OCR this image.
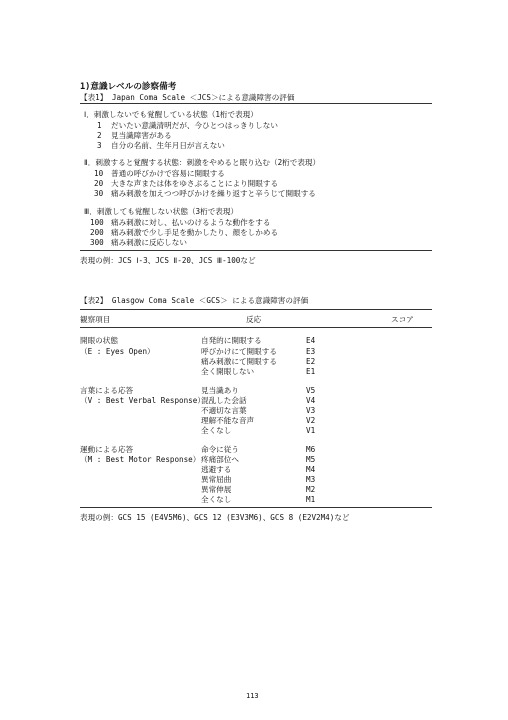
1)意識レベルの診察備考
【表1】 Japan Coma Scale ＜JCS＞による意識障害の評価
Ⅰ．刺激しないでも覚醒している状態（1桁で表現）
1 だいたい意識清明だが、今ひとつはっきりしない
2 見当識障害がある
3 自分の名前、生年月日が言えない
Ⅱ．刺激すると覚醒する状態：刺激をやめると眠り込む（2桁で表現）
10 普通の呼びかけで容易に開眼する
20 大きな声または体をゆさぶることにより開眼する
30 痛み刺激を加えつつ呼びかけを繰り返すと辛うじて開眼する
Ⅲ．刺激しても覚醒しない状態（3桁で表現）
100 痛み刺激に対し、払いのけるような動作をする
200 痛み刺激で少し手足を動かしたり、顔をしかめる
300 痛み刺激に反応しない
表現の例：JCS Ⅰ-3、JCS Ⅱ-20、JCS Ⅲ-100など
【表2】 Glasgow Coma Scale ＜GCS＞ による意識障害の評価
観察項目	反応	スコア
開眼の状態
（E : Eyes Open）
自発的に開眼する	E4
呼びかけにて開眼する	E3
痛み刺激にて開眼する	E2
全く開眼しない	E1
言葉による応答
（V : Best Verbal Response）
見当識あり	V5
混乱した会話	V4
不適切な言葉	V3
理解不能な音声	V2
全くなし	V1
運動による応答
（M : Best Motor Response）
命令に従う	M6
疼痛部位へ	M5
逃避する	M4
異常屈曲	M3
異常伸展	M2
全くなし	M1
表現の例：GCS 15 (E4V5M6)、GCS 12 (E3V3M6)、GCS 8 (E2V2M4)など
113
